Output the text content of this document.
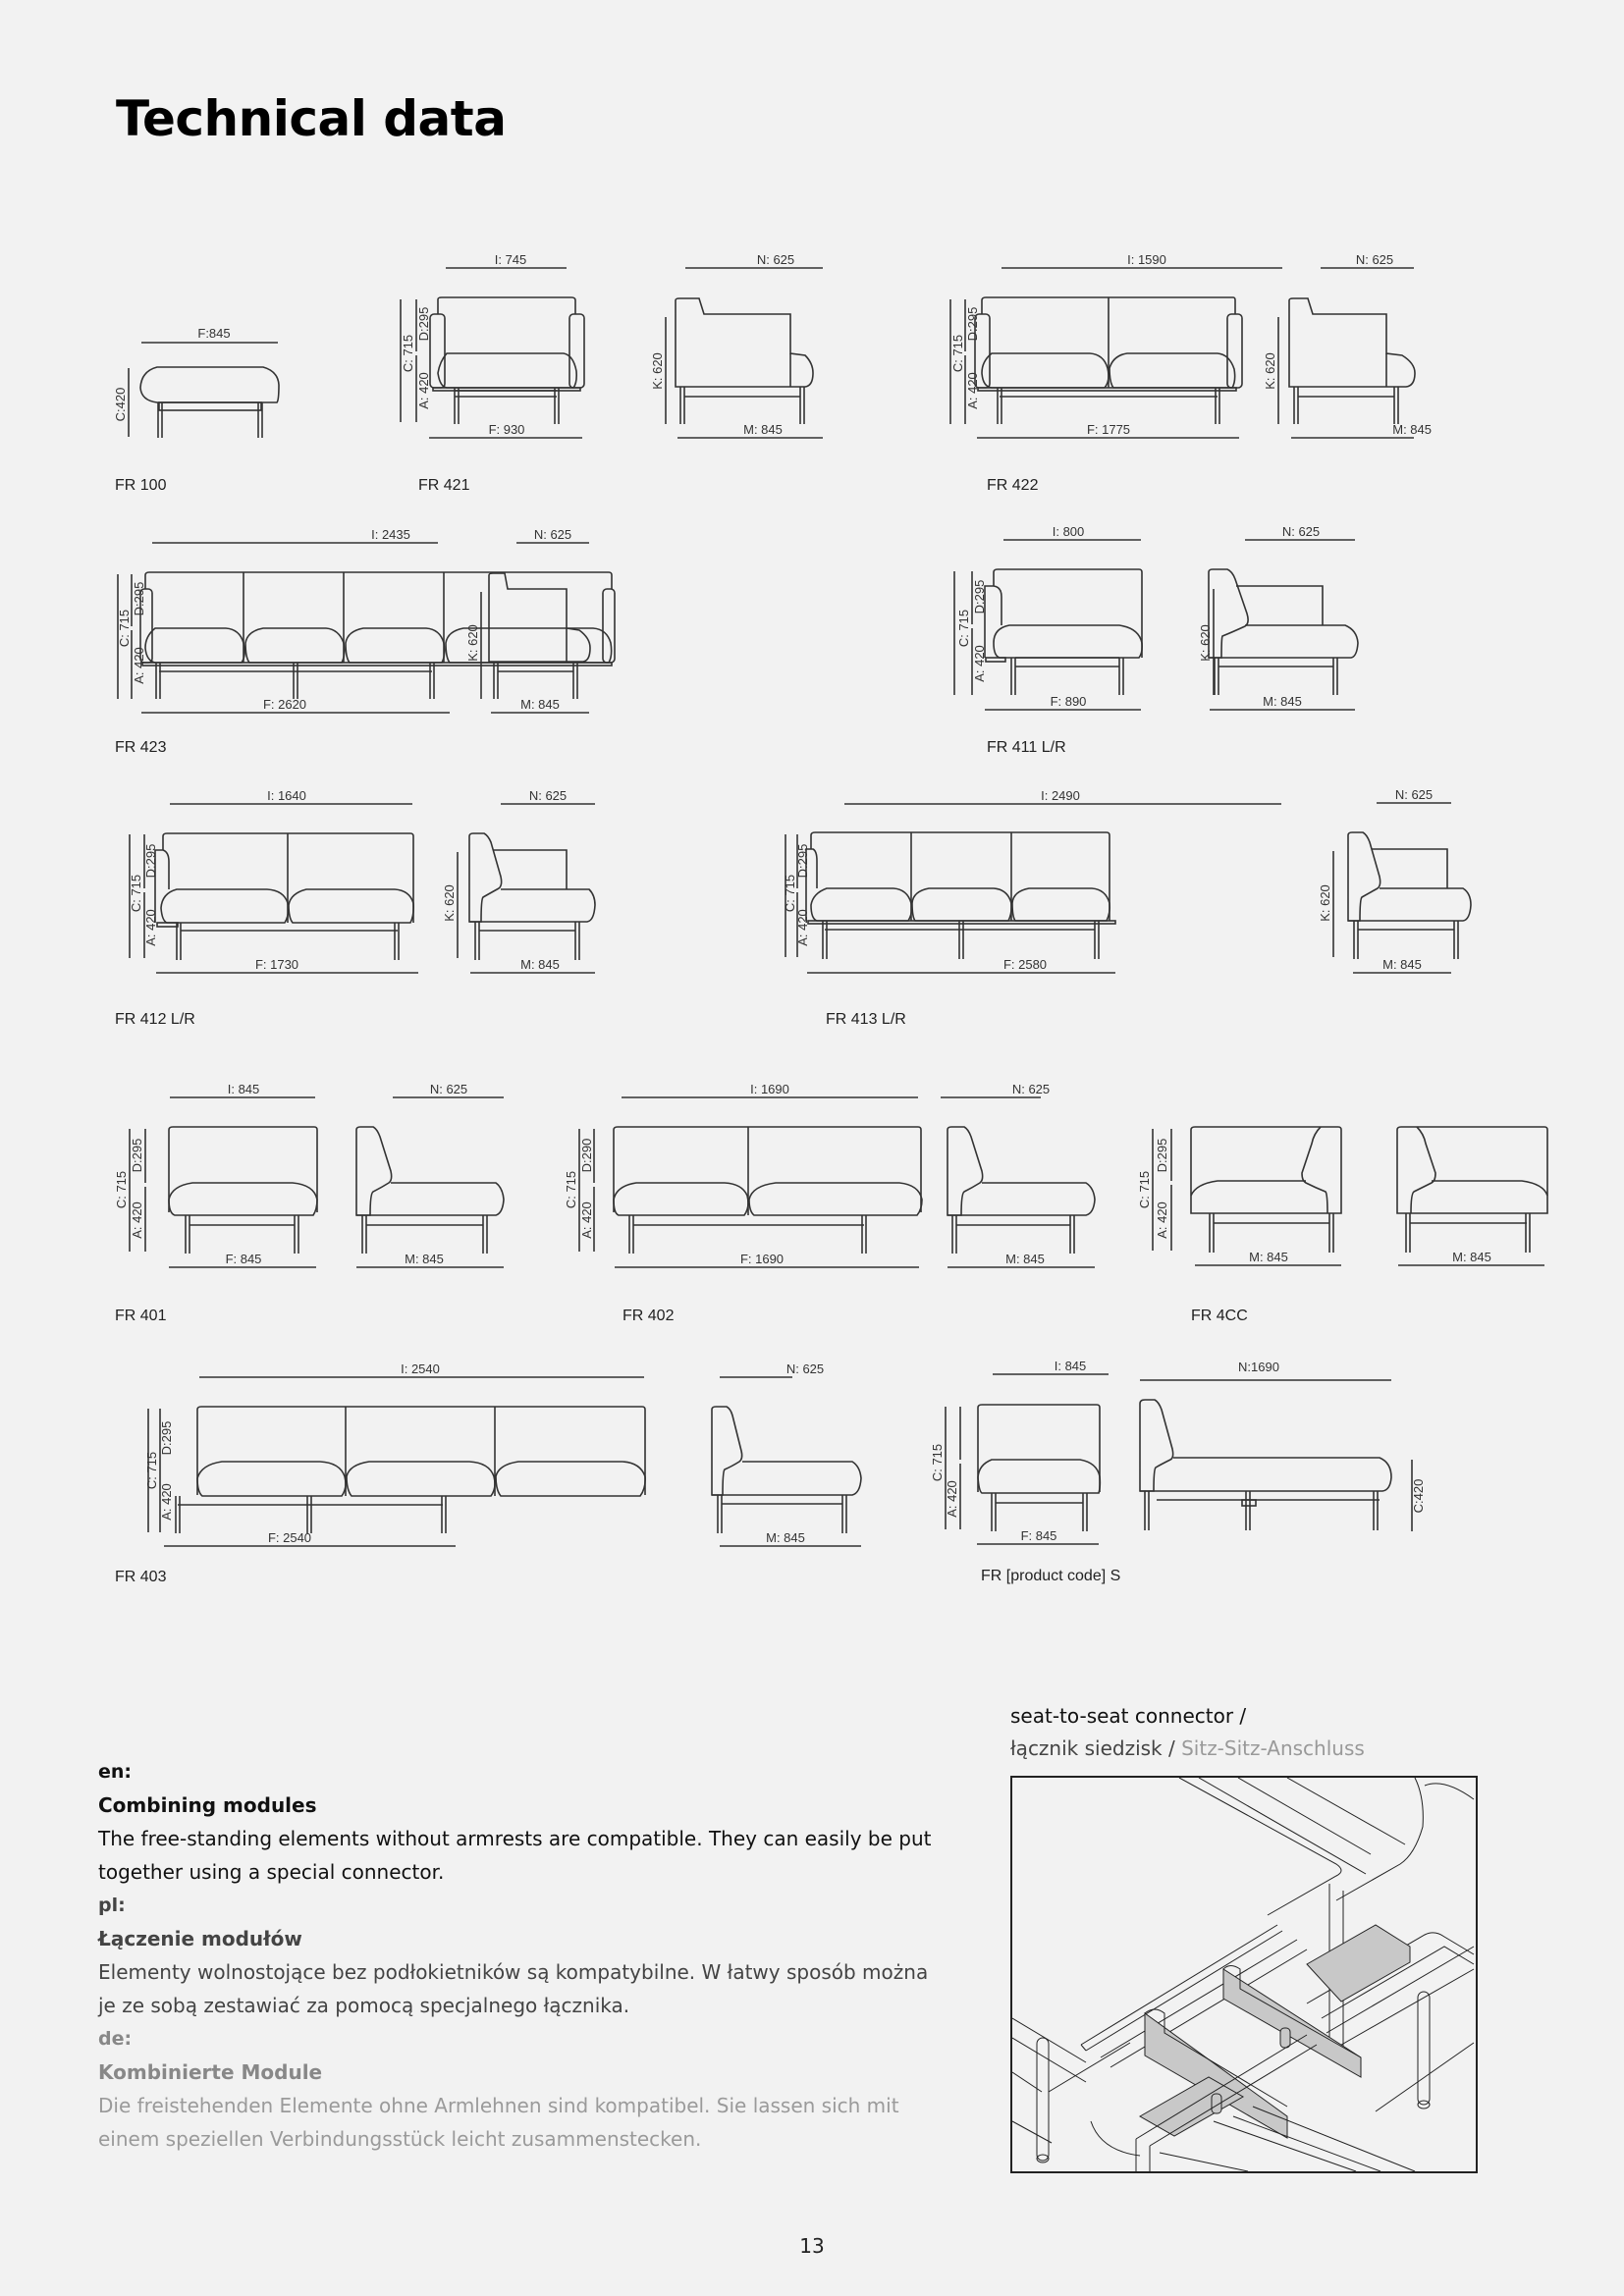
Technical data
F:845
C:420
FR 100
I: 745
C: 715
D:295
A: 420
F: 930
N: 625
K: 620
M: 845
FR 421
I: 1590
C: 715
D:295
A: 420
F: 1775
N: 625
K: 620
M: 845
FR 422
I: 2435
C: 715
D:295
A: 420
F: 2620
N: 625
K: 620
M: 845
FR 423
I: 800
C: 715
D:295
A: 420
F: 890
N: 625
K: 620
M: 845
FR 411 L/R
I: 1640
C: 715
D:295
A: 420
F: 1730
N: 625
K: 620
M: 845
FR 412 L/R
I: 2490
C: 715
D:295
A: 420
F: 2580
N: 625
K: 620
M: 845
FR 413 L/R
I: 845
C: 715
D:295
A: 420
F: 845
N: 625
M: 845
FR 401
I: 1690
C: 715
D:290
A: 420
F: 1690
N: 625
M: 845
FR 402
C: 715
D:295
A: 420
M: 845	M: 845
FR 4CC
I: 2540
C: 715
D:295
A: 420
F: 2540
N: 625
M: 845
FR 403
I: 845
C: 715
A: 420
F: 845
N:1690
C:420
FR [product code] S

en:

Combining modules

The free-standing elements without armrests are compatible. They can easily be put together using a special connector.

pl:

Łączenie modułów

Elementy wolnostojące bez podłokietników są kompatybilne. W łatwy sposób można je ze sobą zestawiać za pomocą specjalnego łącznika.

de:

Kombinierte Module

Die freistehenden Elemente ohne Armlehnen sind kompatibel. Sie lassen sich mit einem speziellen Verbindungsstück leicht zusammenstecken.

seat-to-seat connector /
łącznik siedzisk / Sitz-Sitz-Anschluss
13
